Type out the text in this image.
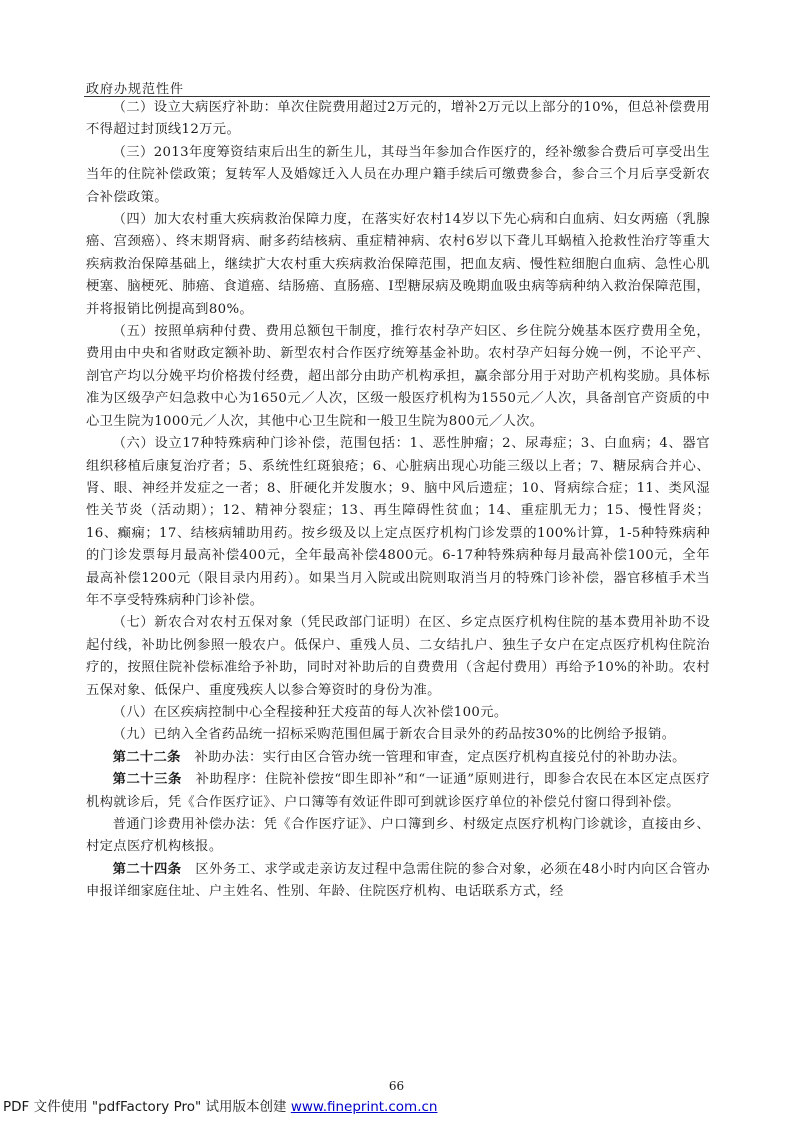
政府办规范性件

（二）设立大病医疗补助：单次住院费用超过2万元的，增补2万元以上部分的10%，但总补偿费用不得超过封顶线12万元。

（三）2013年度筹资结束后出生的新生儿，其母当年参加合作医疗的，经补缴参合费后可享受出生当年的住院补偿政策；复转军人及婚嫁迁入人员在办理户籍手续后可缴费参合，参合三个月后享受新农合补偿政策。

（四）加大农村重大疾病救治保障力度，在落实好农村14岁以下先心病和白血病、妇女两癌（乳腺癌、宫颈癌）、终末期肾病、耐多药结核病、重症精神病、农村6岁以下聋儿耳蜗植入抢救性治疗等重大疾病救治保障基础上，继续扩大农村重大疾病救治保障范围，把血友病、慢性粒细胞白血病、急性心肌梗塞、脑梗死、肺癌、食道癌、结肠癌、直肠癌、I型糖尿病及晚期血吸虫病等病种纳入救治保障范围，并将报销比例提高到80%。

（五）按照单病种付费、费用总额包干制度，推行农村孕产妇区、乡住院分娩基本医疗费用全免，费用由中央和省财政定额补助、新型农村合作医疗统筹基金补助。农村孕产妇每分娩一例，不论平产、剖官产均以分娩平均价格拨付经费，超出部分由助产机构承担，赢余部分用于对助产机构奖励。具体标准为区级孕产妇急救中心为1650元／人次，区级一般医疗机构为1550元／人次，具备剖官产资质的中心卫生院为1000元／人次，其他中心卫生院和一般卫生院为800元／人次。

（六）设立17种特殊病种门诊补偿，范围包括：1、恶性肿瘤；2、尿毒症；3、白血病；4、器官组织移植后康复治疗者；5、系统性红斑狼疮；6、心脏病出现心功能三级以上者；7、糖尿病合并心、肾、眼、神经并发症之一者；8、肝硬化并发腹水；9、脑中风后遗症；10、肾病综合症；11、类风湿性关节炎（活动期）；12、精神分裂症；13、再生障碍性贫血；14、重症肌无力；15、慢性肾炎；16、癫痫；17、结核病辅助用药。按乡级及以上定点医疗机构门诊发票的100%计算，1-5种特殊病种的门诊发票每月最高补偿400元，全年最高补偿4800元。6-17种特殊病种每月最高补偿100元，全年最高补偿1200元（限目录内用药）。如果当月入院或出院则取消当月的特殊门诊补偿，器官移植手术当年不享受特殊病种门诊补偿。

（七）新农合对农村五保对象（凭民政部门证明）在区、乡定点医疗机构住院的基本费用补助不设起付线，补助比例参照一般农户。低保户、重残人员、二女结扎户、独生子女户在定点医疗机构住院治疗的，按照住院补偿标准给予补助，同时对补助后的自费费用（含起付费用）再给予10%的补助。农村五保对象、低保户、重度残疾人以参合筹资时的身份为准。

（八）在区疾病控制中心全程接种狂犬疫苗的每人次补偿100元。

（九）已纳入全省药品统一招标采购范围但属于新农合目录外的药品按30%的比例给予报销。

第二十二条　补助办法：实行由区合管办统一管理和审查，定点医疗机构直接兑付的补助办法。

第二十三条　补助程序：住院补偿按“即生即补”和“一证通”原则进行，即参合农民在本区定点医疗机构就诊后，凭《合作医疗证》、户口簿等有效证件即可到就诊医疗单位的补偿兑付窗口得到补偿。

普通门诊费用补偿办法：凭《合作医疗证》、户口簿到乡、村级定点医疗机构门诊就诊，直接由乡、村定点医疗机构核报。

第二十四条　区外务工、求学或走亲访友过程中急需住院的参合对象，必须在48小时内向区合管办申报详细家庭住址、户主姓名、性别、年龄、住院医疗机构、电话联系方式，经

66
PDF 文件使用 "pdfFactory Pro" 试用版本创建 www.fineprint.com.cn
